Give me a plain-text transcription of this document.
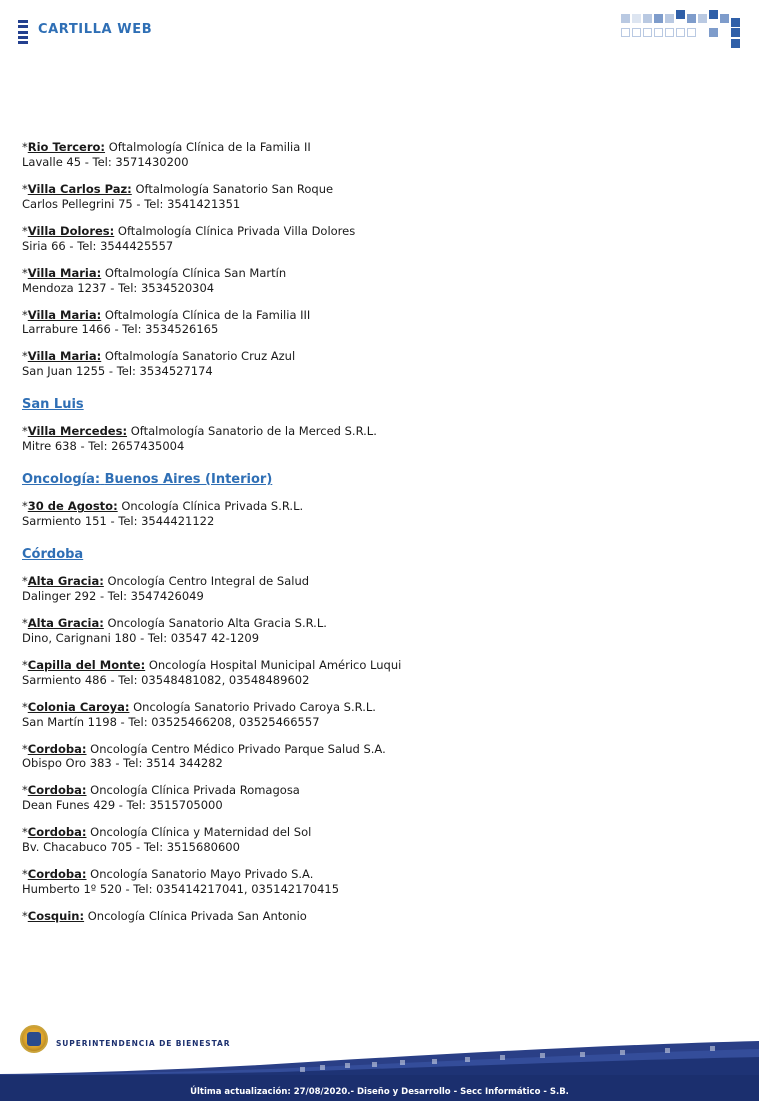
CARTILLA WEB
*Rio Tercero: Oftalmología Clínica de la Familia II
Lavalle 45 - Tel: 3571430200
*Villa Carlos Paz: Oftalmología Sanatorio San Roque
Carlos Pellegrini 75 - Tel: 3541421351
*Villa Dolores: Oftalmología Clínica Privada Villa Dolores
Siria 66 - Tel: 3544425557
*Villa Maria: Oftalmología Clínica San Martín
Mendoza 1237 - Tel: 3534520304
*Villa Maria: Oftalmología Clínica de la Familia III
Larrabure 1466 - Tel: 3534526165
*Villa Maria: Oftalmología Sanatorio Cruz Azul
San Juan 1255 - Tel: 3534527174
San Luis
*Villa Mercedes: Oftalmología Sanatorio de la Merced S.R.L.
Mitre 638 - Tel: 2657435004
Oncología: Buenos Aires (Interior)
*30 de Agosto: Oncología Clínica Privada S.R.L.
Sarmiento 151 - Tel: 3544421122
Córdoba
*Alta Gracia: Oncología Centro Integral de Salud
Dalinger 292 - Tel: 3547426049
*Alta Gracia: Oncología Sanatorio Alta Gracia S.R.L.
Dino, Carignani 180 - Tel: 03547 42-1209
*Capilla del Monte: Oncología Hospital Municipal Américo Luqui
Sarmiento 486 - Tel: 03548481082, 03548489602
*Colonia Caroya: Oncología Sanatorio Privado Caroya S.R.L.
San Martín 1198 - Tel: 03525466208, 03525466557
*Cordoba: Oncología Centro Médico Privado Parque Salud S.A.
Obispo Oro 383 - Tel: 3514 344282
*Cordoba: Oncología Clínica Privada Romagosa
Dean Funes 429 - Tel: 3515705000
*Cordoba: Oncología Clínica y Maternidad del Sol
Bv. Chacabuco 705 - Tel: 3515680600
*Cordoba: Oncología Sanatorio Mayo Privado S.A.
Humberto 1º 520 - Tel: 035414217041, 035142170415
*Cosquin: Oncología Clínica Privada San Antonio
SUPERINTENDENCIA DE BIENESTAR
Última actualización: 27/08/2020.- Diseño y Desarrollo - Secc Informático - S.B.
